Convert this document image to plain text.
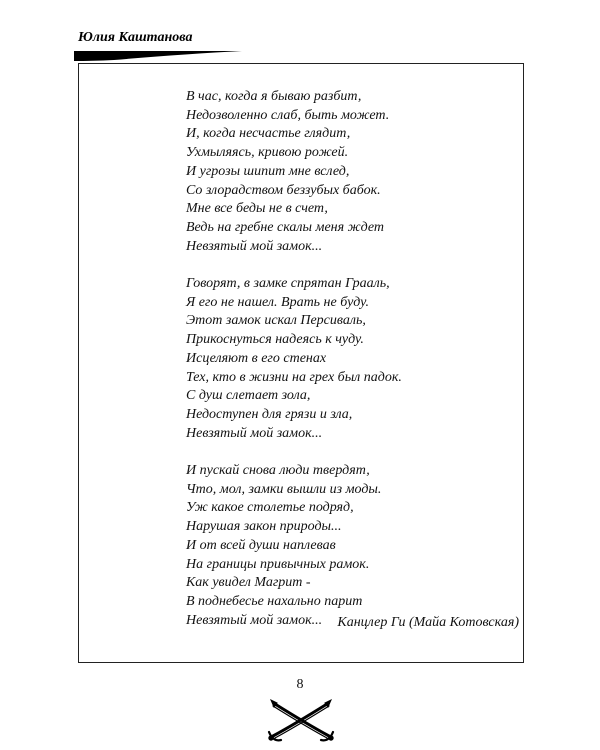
Юлия Каштанова
В час, когда я бываю разбит,
Недозволенно слаб, быть может.
И, когда несчастье глядит,
Ухмыляясь, кривою рожей.
И угрозы шипит мне вслед,
Со злорадством беззубых бабок.
Мне все беды не в счет,
Ведь на гребне скалы меня ждет
Невзятый мой замок...
Говорят, в замке спрятан Грааль,
Я его не нашел. Врать не буду.
Этот замок искал Персиваль,
Прикоснуться надеясь к чуду.
Исцеляют в его стенах
Тех, кто в жизни на грех был падок.
С душ слетает зола,
Недоступен для грязи и зла,
Невзятый мой замок...
И пускай снова люди твердят,
Что, мол, замки вышли из моды.
Уж какое столетье подряд,
Нарушая закон природы...
И от всей души наплевав
На границы привычных рамок.
Как увидел Магрит -
В поднебесье нахально парит
Невзятый мой замок...	Канцлер Ги (Майа Котовская)
8
